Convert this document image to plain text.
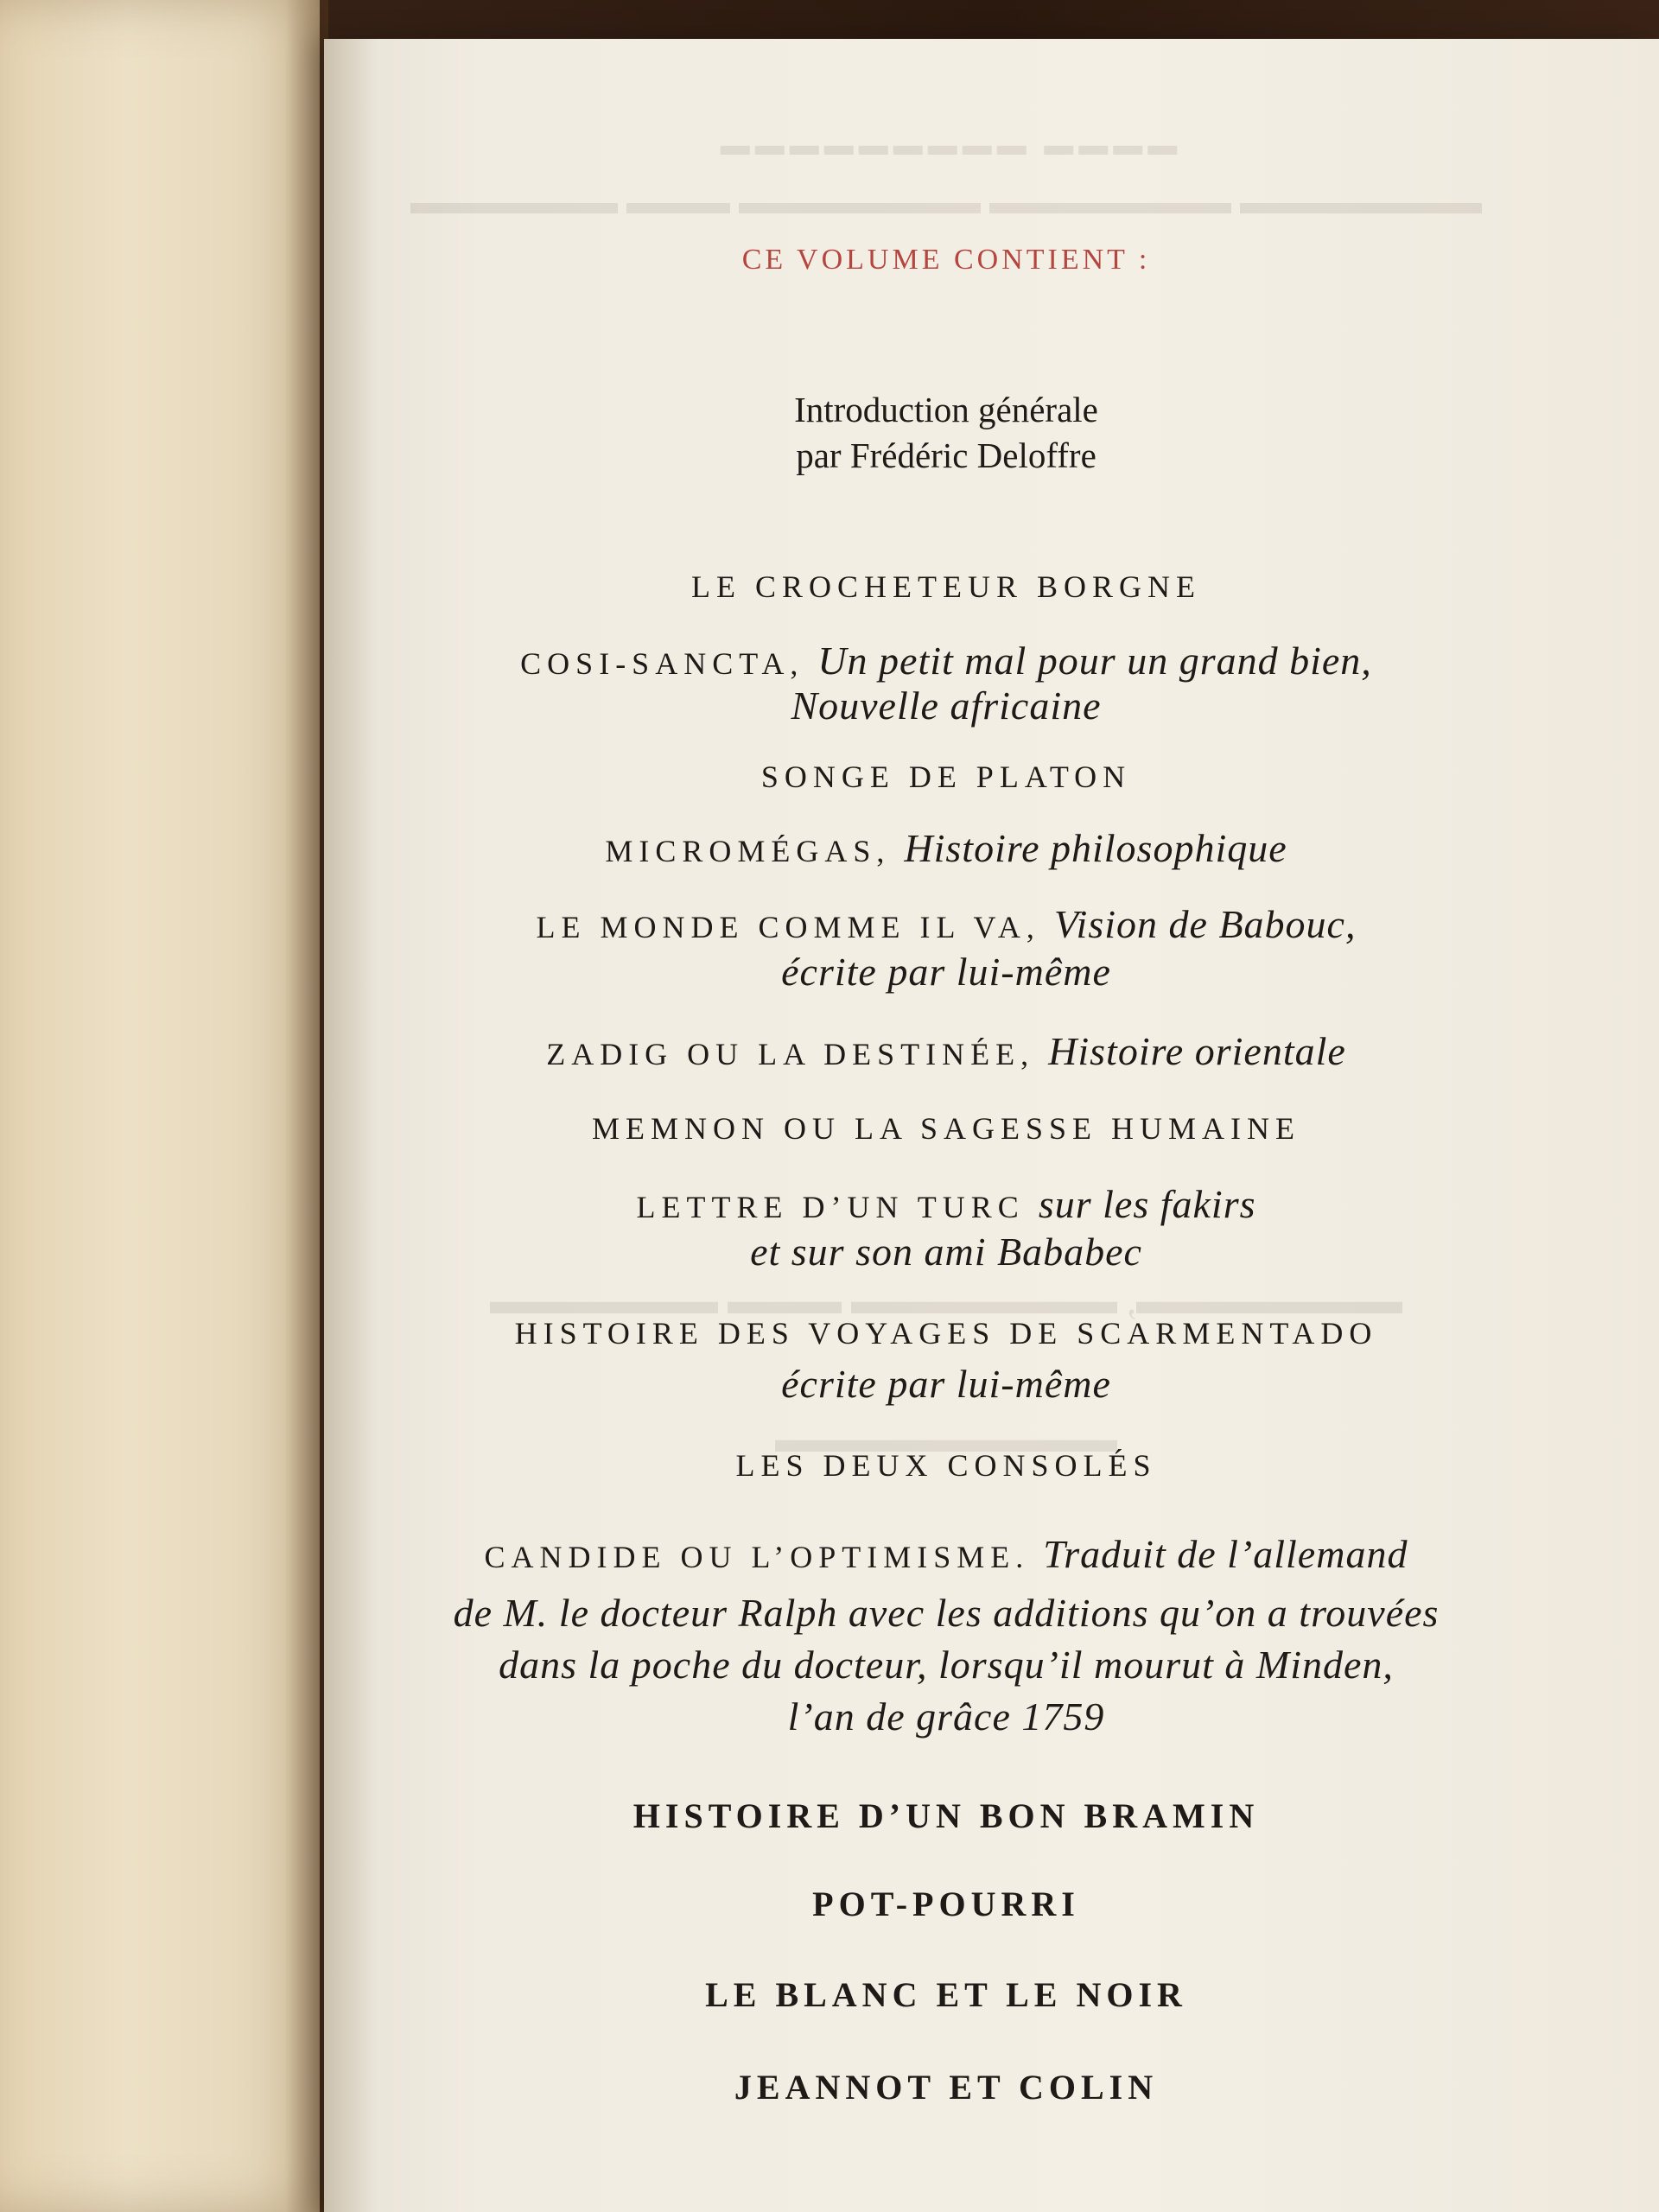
▬▬▬▬ ▬▬▬▬▬▬▬▬▬
▬▬▬▬▬▬▬ ▬▬▬▬▬▬▬ ▬▬▬▬▬▬▬ ▬▬▬ ▬▬▬▬▬▬
▬▬▬▬▬▬▬, ▬▬▬▬▬▬▬ ▬▬▬ ▬▬▬▬▬▬
▬▬▬▬▬▬▬▬▬
CE VOLUME CONTIENT :
Introduction générale
par Frédéric Deloffre
LE CROCHETEUR BORGNE
COSI-SANCTA, Un petit mal pour un grand bien,
Nouvelle africaine
SONGE DE PLATON
MICROMÉGAS, Histoire philosophique
LE MONDE COMME IL VA, Vision de Babouc,
écrite par lui-même
ZADIG OU LA DESTINÉE, Histoire orientale
MEMNON OU LA SAGESSE HUMAINE
LETTRE D’UN TURC sur les fakirs
et sur son ami Bababec
HISTOIRE DES VOYAGES DE SCARMENTADO
écrite par lui-même
LES DEUX CONSOLÉS
CANDIDE OU L’OPTIMISME. Traduit de l’allemand
de M. le docteur Ralph avec les additions qu’on a trouvées
dans la poche du docteur, lorsqu’il mourut à Minden,
l’an de grâce 1759
HISTOIRE D’UN BON BRAMIN
POT-POURRI
LE BLANC ET LE NOIR
JEANNOT ET COLIN
